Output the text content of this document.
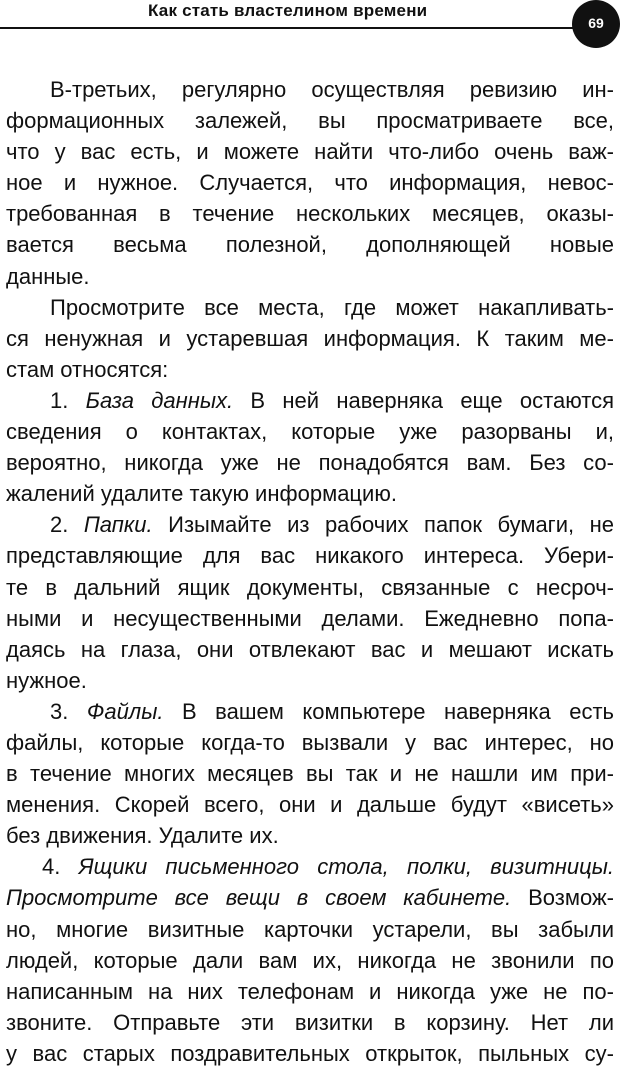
Как стать властелином времени
69
В-третьих, регулярно осуществляя ревизию ин-
формационных залежей, вы просматриваете все,
что у вас есть, и можете найти что-либо очень важ-
ное и нужное. Случается, что информация, невос-
требованная в течение нескольких месяцев, оказы-
вается весьма полезной, дополняющей новые
данные.
Просмотрите все места, где может накапливать-
ся ненужная и устаревшая информация. К таким ме-
стам относятся:
1. База данных. В ней наверняка еще остаются
сведения о контактах, которые уже разорваны и,
вероятно, никогда уже не понадобятся вам. Без со-
жалений удалите такую информацию.
2. Папки. Изымайте из рабочих папок бумаги, не
представляющие для вас никакого интереса. Убери-
те в дальний ящик документы, связанные с несроч-
ными и несущественными делами. Ежедневно попа-
даясь на глаза, они отвлекают вас и мешают искать
нужное.
3. Файлы. В вашем компьютере наверняка есть
файлы, которые когда-то вызвали у вас интерес, но
в течение многих месяцев вы так и не нашли им при-
менения. Скорей всего, они и дальше будут «висеть»
без движения. Удалите их.
4. Ящики письменного стола, полки, визитницы.
Просмотрите все вещи в своем кабинете. Возмож-
но, многие визитные карточки устарели, вы забыли
людей, которые дали вам их, никогда не звонили по
написанным на них телефонам и никогда уже не по-
звоните. Отправьте эти визитки в корзину. Нет ли
у вас старых поздравительных открыток, пыльных су-
